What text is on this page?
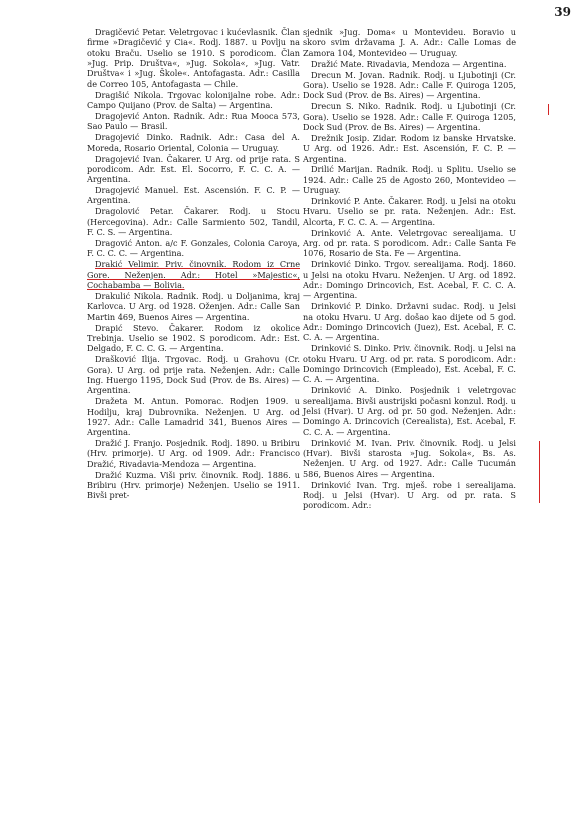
39

Dragičević Petar. Veletrgovac i kućevlasnik. Član firme »Dragičević y Cia«. Rodj. 1887. u Povlju na otoku Braču. Uselio se 1910. S porodicom. Član »Jug. Prip. Društva«, »Jug. Sokola«, »Jug. Vatr. Društva« i »Jug. Škole«. Antofagasta. Adr.: Casilla de Correo 105, Antofagasta — Chile.

Dragišić Nikola. Trgovac kolonijalne robe. Adr.: Campo Quijano (Prov. de Salta) — Argentina.

Dragojević Anton. Radnik. Adr.: Rua Mooca 573, Sao Paulo — Brasil.

Dragojević Dinko. Radnik. Adr.: Casa del A. Moreda, Rosario Oriental, Colonia — Uruguay.

Dragojević Ivan. Čakarer. U Arg. od prije rata. S porodicom. Adr. Est. El. Socorro, F. C. C. A. — Argentina.

Dragojević Manuel. Est. Ascensión. F. C. P. — Argentina.

Dragolović Petar. Čakarer. Rodj. u Stocu (Hercegovina). Adr.: Calle Sarmiento 502, Tandil, F. C. S. — Argentina.

Dragović Anton. a/c F. Gonzales, Colonia Caroya, F. C. C. C. — Argentina.

Drakić Velimir. Priv. činovnik. Rodom iz Crne Gore. Neženjen. Adr.: Hotel »Majestic«, Cochabamba — Bolivia.

Drakulić Nikola. Radnik. Rodj. u Doljanima, kraj Karlovca. U Arg. od 1928. Oženjen. Adr.: Calle San Martin 469, Buenos Aires — Argentina.

Drapić Stevo. Čakarer. Rodom iz okolice Trebinja. Uselio se 1902. S porodicom. Adr.: Est. Delgado, F. C. C. G. — Argentina.

Drašković Ilija. Trgovac. Rodj. u Grahovu (Cr. Gora). U Arg. od prije rata. Neženjen. Adr.: Calle Ing. Huergo 1195, Dock Sud (Prov. de Bs. Aires) — Argentina.

Dražeta M. Antun. Pomorac. Rodjen 1909. u Hodilju, kraj Dubrovnika. Neženjen. U Arg. od 1927. Adr.: Calle Lamadrid 341, Buenos Aires — Argentina.

Dražić J. Franjo. Posjednik. Rodj. 1890. u Bribiru (Hrv. primorje). U Arg. od 1909. Adr.: Francisco Dražić, Rivadavia-Mendoza — Argentina.

Dražić Kuzma. Viši priv. činovnik. Rodj. 1886. u Bribiru (Hrv. primorje) Neženjen. Uselio se 1911. Bivši pret-

sjednik »Jug. Doma« u Montevideu. Boravio u skoro svim državama J. A. Adr.: Calle Lomas de Zamora 104, Montevideo — Uruguay.

Dražić Mate. Rivadavia, Mendoza — Argentina.

Drecun M. Jovan. Radnik. Rodj. u Ljubotinji (Cr. Gora). Uselio se 1928. Adr.: Calle F. Quiroga 1205, Dock Sud (Prov. de Bs. Aires) — Argentina.

Drecun S. Niko. Radnik. Rodj. u Ljubotinji (Cr. Gora). Uselio se 1928. Adr.: Calle F. Quiroga 1205, Dock Sud (Prov. de Bs. Aires) — Argentina.

Drežnik Josip. Zidar. Rodom iz banske Hrvatske. U Arg. od 1926. Adr.: Est. Ascensión, F. C. P. — Argentina.

Drilić Marijan. Radnik. Rodj. u Splitu. Uselio se 1924. Adr.: Calle 25 de Agosto 260, Montevideo — Uruguay.

Drinković P. Ante. Čakarer. Rodj. u Jelsi na otoku Hvaru. Uselio se pr. rata. Neženjen. Adr.: Est. Alcorta, F. C. C. A. — Argentina.

Drinković A. Ante. Veletrgovac serealijama. U Arg. od pr. rata. S porodicom. Adr.: Calle Santa Fe 1076, Rosario de Sta. Fe — Argentina.

Drinković Dinko. Trgov. serealijama. Rodj. 1860. u Jelsi na otoku Hvaru. Neženjen. U Arg. od 1892. Adr.: Domingo Drincovich, Est. Acebal, F. C. C. A. — Argentina.

Drinković P. Dinko. Državni sudac. Rodj. u Jelsi na otoku Hvaru. U Arg. došao kao dijete od 5 god. Adr.: Domingo Drincovich (Juez), Est. Acebal, F. C. C. A. — Argentina.

Drinković S. Dinko. Priv. činovnik. Rodj. u Jelsi na otoku Hvaru. U Arg. od pr. rata. S porodicom. Adr.: Domingo Drincovich (Empleado), Est. Acebal, F. C. C. A. — Argentina.

Drinković A. Dinko. Posjednik i veletrgovac serealijama. Bivši austrijski počasni konzul. Rodj. u Jelsi (Hvar). U Arg. od pr. 50 god. Neženjen. Adr.: Domingo A. Drincovich (Cerealista), Est. Acebal, F. C. C. A. — Argentina.

Drinković M. Ivan. Priv. činovnik. Rodj. u Jelsi (Hvar). Bivši starosta »Jug. Sokola«, Bs. As. Neženjen. U Arg. od 1927. Adr.: Calle Tucumán 586, Buenos Aires — Argentina.

Drinković Ivan. Trg. mješ. robe i serealijama. Rodj. u Jelsi (Hvar). U Arg. od pr. rata. S porodicom. Adr.:
